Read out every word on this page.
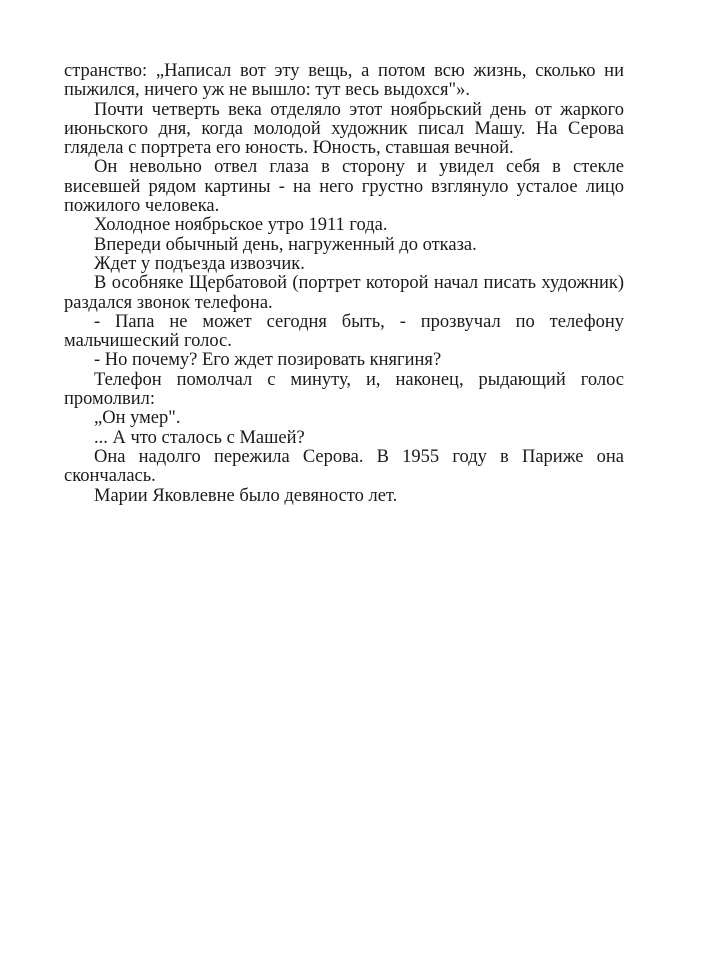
странство: „Написал вот эту вещь, а потом всю жизнь, сколько ни пыжился, ничего уж не вышло: тут весь выдохся"».

Почти четверть века отделяло этот ноябрьский день от жаркого июньского дня, когда молодой художник писал Машу. На Серова глядела с портрета его юность. Юность, ставшая вечной.

Он невольно отвел глаза в сторону и увидел себя в стекле висевшей рядом картины - на него грустно взглянуло усталое лицо пожилого человека.

Холодное ноябрьское утро 1911 года.

Впереди обычный день, нагруженный до отказа.

Ждет у подъезда извозчик.

В особняке Щербатовой (портрет которой начал писать художник) раздался звонок телефона.

- Папа не может сегодня быть, - прозвучал по телефону мальчишеский голос.

- Но почему? Его ждет позировать княгиня?

Телефон помолчал с минуту, и, наконец, рыдающий голос промолвил:

„Он умер".

... А что сталось с Машей?

Она надолго пережила Серова. В 1955 году в Париже она скончалась.

Марии Яковлевне было девяносто лет.
